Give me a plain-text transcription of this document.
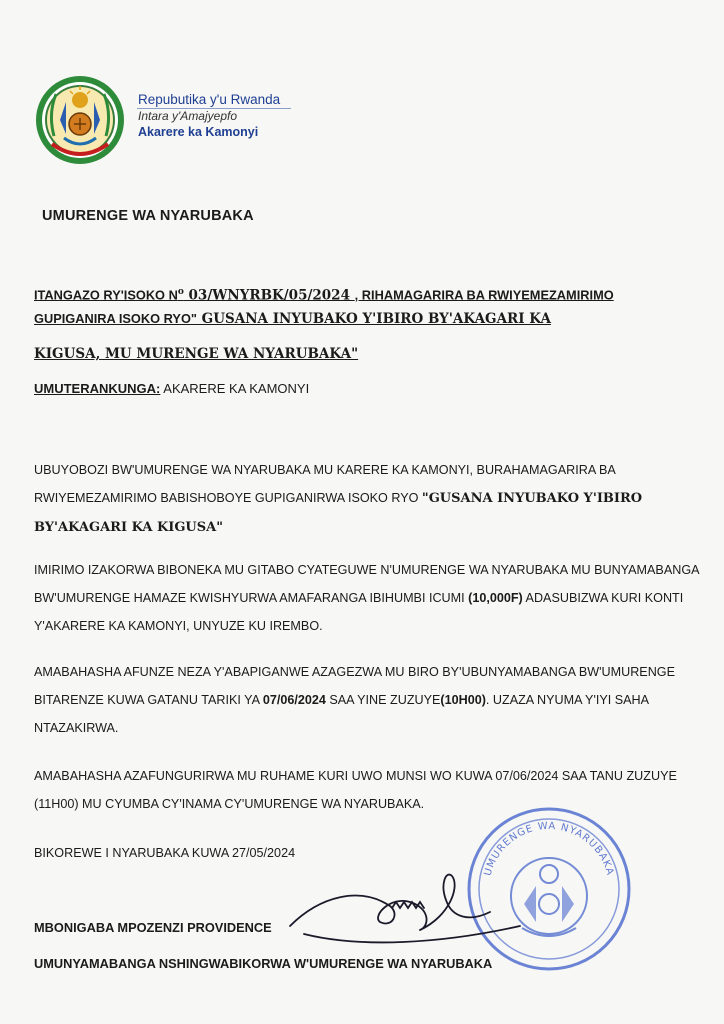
Repubutika y'u Rwanda
Intara y'Amajyepfo
Akarere ka Kamonyi
UMURENGE WA NYARUBAKA
ITANGAZO RY'ISOKO $N^o$ 03/WNYRBK/05/2024 , RIHAMAGARIRA BA RWIYEMEZAMIRIMO
GUPIGANIRA ISOKO RYO" GUSANA INYUBAKO Y'IBIRO BY'AKAGARI KA
KIGUSA, MU MURENGE WA NYARUBAKA"
UMUTERANKUNGA: AKARERE KA KAMONYI
UBUYOBOZI BW'UMURENGE WA NYARUBAKA MU KARERE KA KAMONYI, BURAHAMAGARIRA BA RWIYEMEZAMIRIMO BABISHOBOYE GUPIGANIRWA ISOKO RYO "GUSANA INYUBAKO Y'IBIRO BY'AKAGARI KA KIGUSA"
IMIRIMO IZAKORWA BIBONEKA MU GITABO CYATEGUWE N'UMURENGE WA NYARUBAKA MU BUNYAMABANGA BW'UMURENGE HAMAZE KWISHYURWA AMAFARANGA IBIHUMBI ICUMI (10,000F) ADASUBIZWA KURI KONTI Y'AKARERE KA KAMONYI, UNYUZE KU IREMBO.
AMABAHASHA AFUNZE NEZA Y'ABAPIGANWE AZAGEZWA MU BIRO BY'UBUNYAMABANGA BW'UMURENGE BITARENZE KUWA GATANU TARIKI YA 07/06/2024 SAA YINE ZUZUYE(10H00). UZAZA NYUMA Y'IYI SAHA NTAZAKIRWA.
AMABAHASHA AZAFUNGURIRWA MU RUHAME KURI UWO MUNSI WO KUWA 07/06/2024 SAA TANU ZUZUYE (11H00) MU CYUMBA CY'INAMA CY'UMURENGE WA NYARUBAKA.
BIKOREWE I NYARUBAKA KUWA 27/05/2024
UMURENGE WA NYARUBAKA
MBONIGABA MPOZENZI PROVIDENCE
UMUNYAMABANGA NSHINGWABIKORWA W'UMURENGE WA NYARUBAKA
